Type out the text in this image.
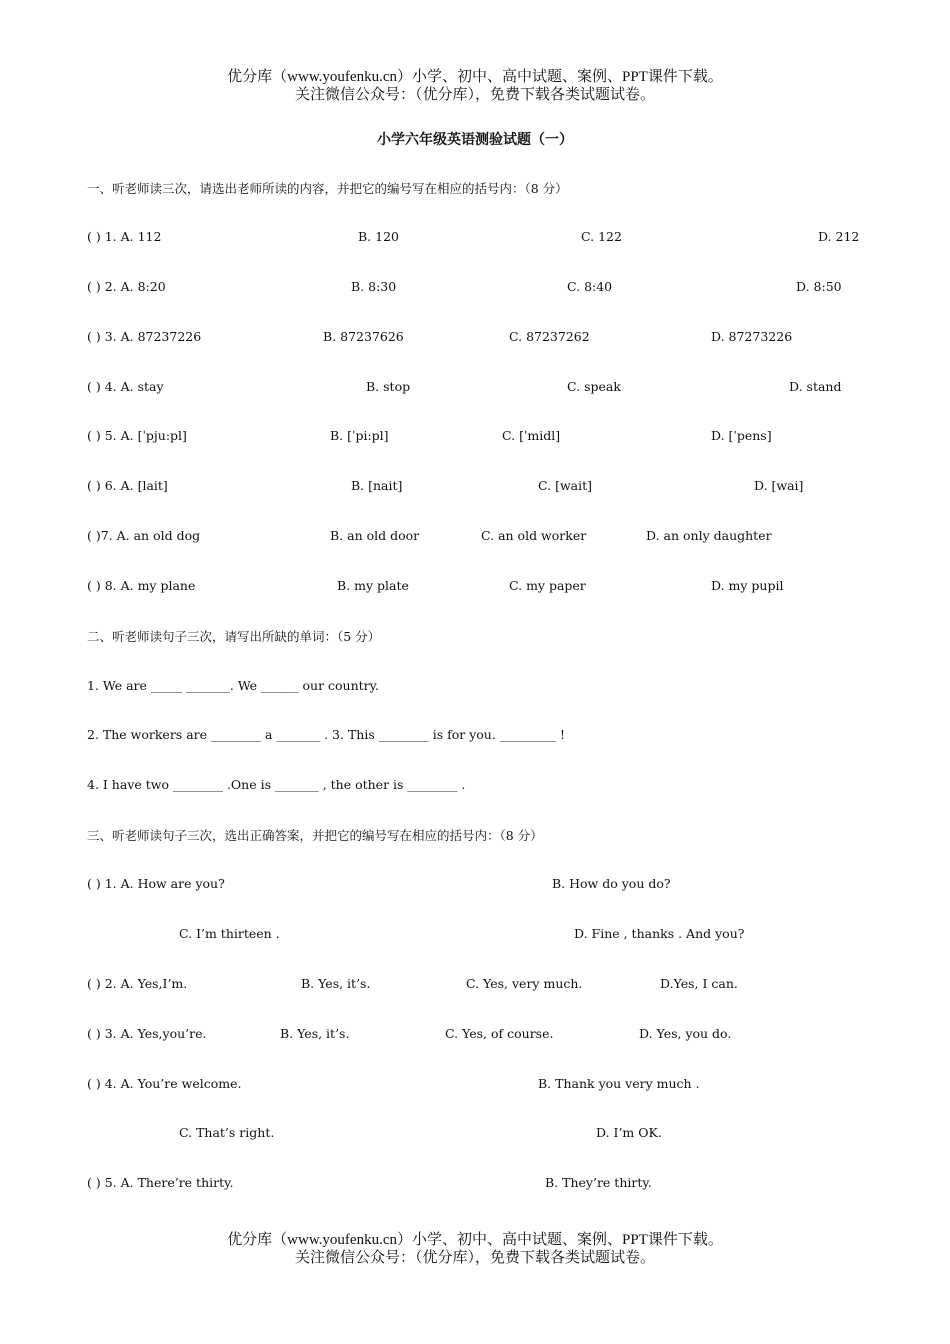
优分库（www.youfenku.cn）小学、初中、高中试题、案例、PPT课件下载。
关注微信公众号：（优分库），免费下载各类试题试卷。
小学六年级英语测验试题（一）
一、听老师读三次，请选出老师所读的内容，并把它的编号写在相应的括号内：（8 分）
( ) 1. A. 112	B. 120	C. 122	D. 212
( ) 2. A. 8:20	B. 8:30	C. 8:40	D. 8:50
( ) 3. A. 87237226	B. 87237626	C. 87237262	D. 87273226
( ) 4. A. stay	B. stop	C. speak	D. stand
( ) 5. A. [ˈpju:pl]	B. [ˈpi:pl]	C. [ˈmidl]	D. [ˈpens]
( ) 6. A. [lait]	B. [nait]	C. [wait]	D. [wai]
( )7. A. an old dog	B. an old door	C. an old worker	D. an only daughter
( ) 8. A. my plane	B. my plate	C. my paper	D. my pupil
二、听老师读句子三次，请写出所缺的单词：（5 分）
1. We are _____ _______. We ______ our country.
2. The workers are ________ a _______ . 3. This ________ is for you. _________ !
4. I have two ________ .One is _______ , the other is ________ .
三、听老师读句子三次，选出正确答案，并把它的编号写在相应的括号内：（8 分）
( ) 1. A. How are you?	B. How do you do?
C. I’m thirteen .	D. Fine , thanks . And you?
( ) 2. A. Yes,I’m.	B. Yes, it’s.	C. Yes, very much.	D.Yes, I can.
( ) 3. A. Yes,you’re.	B. Yes, it’s.	C. Yes, of course.	D. Yes, you do.
( ) 4. A. You’re welcome.	B. Thank you very much .
C. That’s right.	D. I’m OK.
( ) 5. A. There’re thirty.	B. They’re thirty.
优分库（www.youfenku.cn）小学、初中、高中试题、案例、PPT课件下载。
关注微信公众号：（优分库），免费下载各类试题试卷。
